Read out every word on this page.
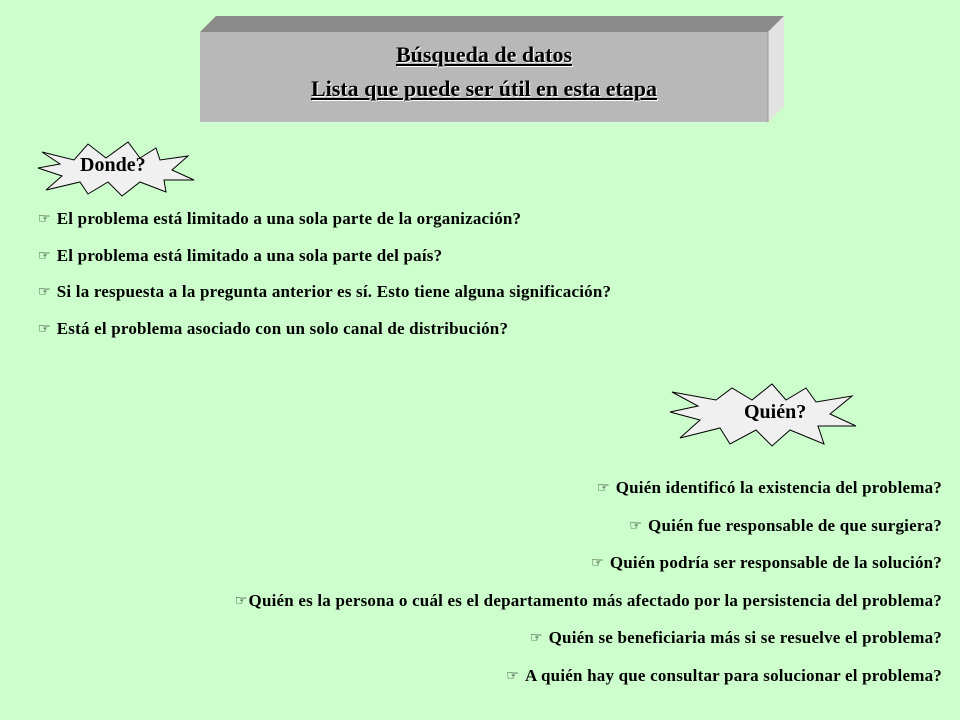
Búsqueda de datos
Lista que puede ser útil en esta etapa
Donde?
☞ El problema está limitado a una sola parte de la organización?
☞ El problema está limitado a una sola parte del país?
☞ Si la respuesta a la pregunta anterior es sí. Esto tiene alguna significación?
☞ Está el problema asociado con un solo canal de distribución?
Quién?
☞ Quién identificó la existencia del problema?
☞ Quién fue responsable de que surgiera?
☞ Quién podría ser responsable de la solución?
☞Quién es la persona o cuál es el departamento más afectado por la persistencia del problema?
☞ Quién se beneficiaria más si se resuelve el problema?
☞ A quién hay que consultar para solucionar el problema?
